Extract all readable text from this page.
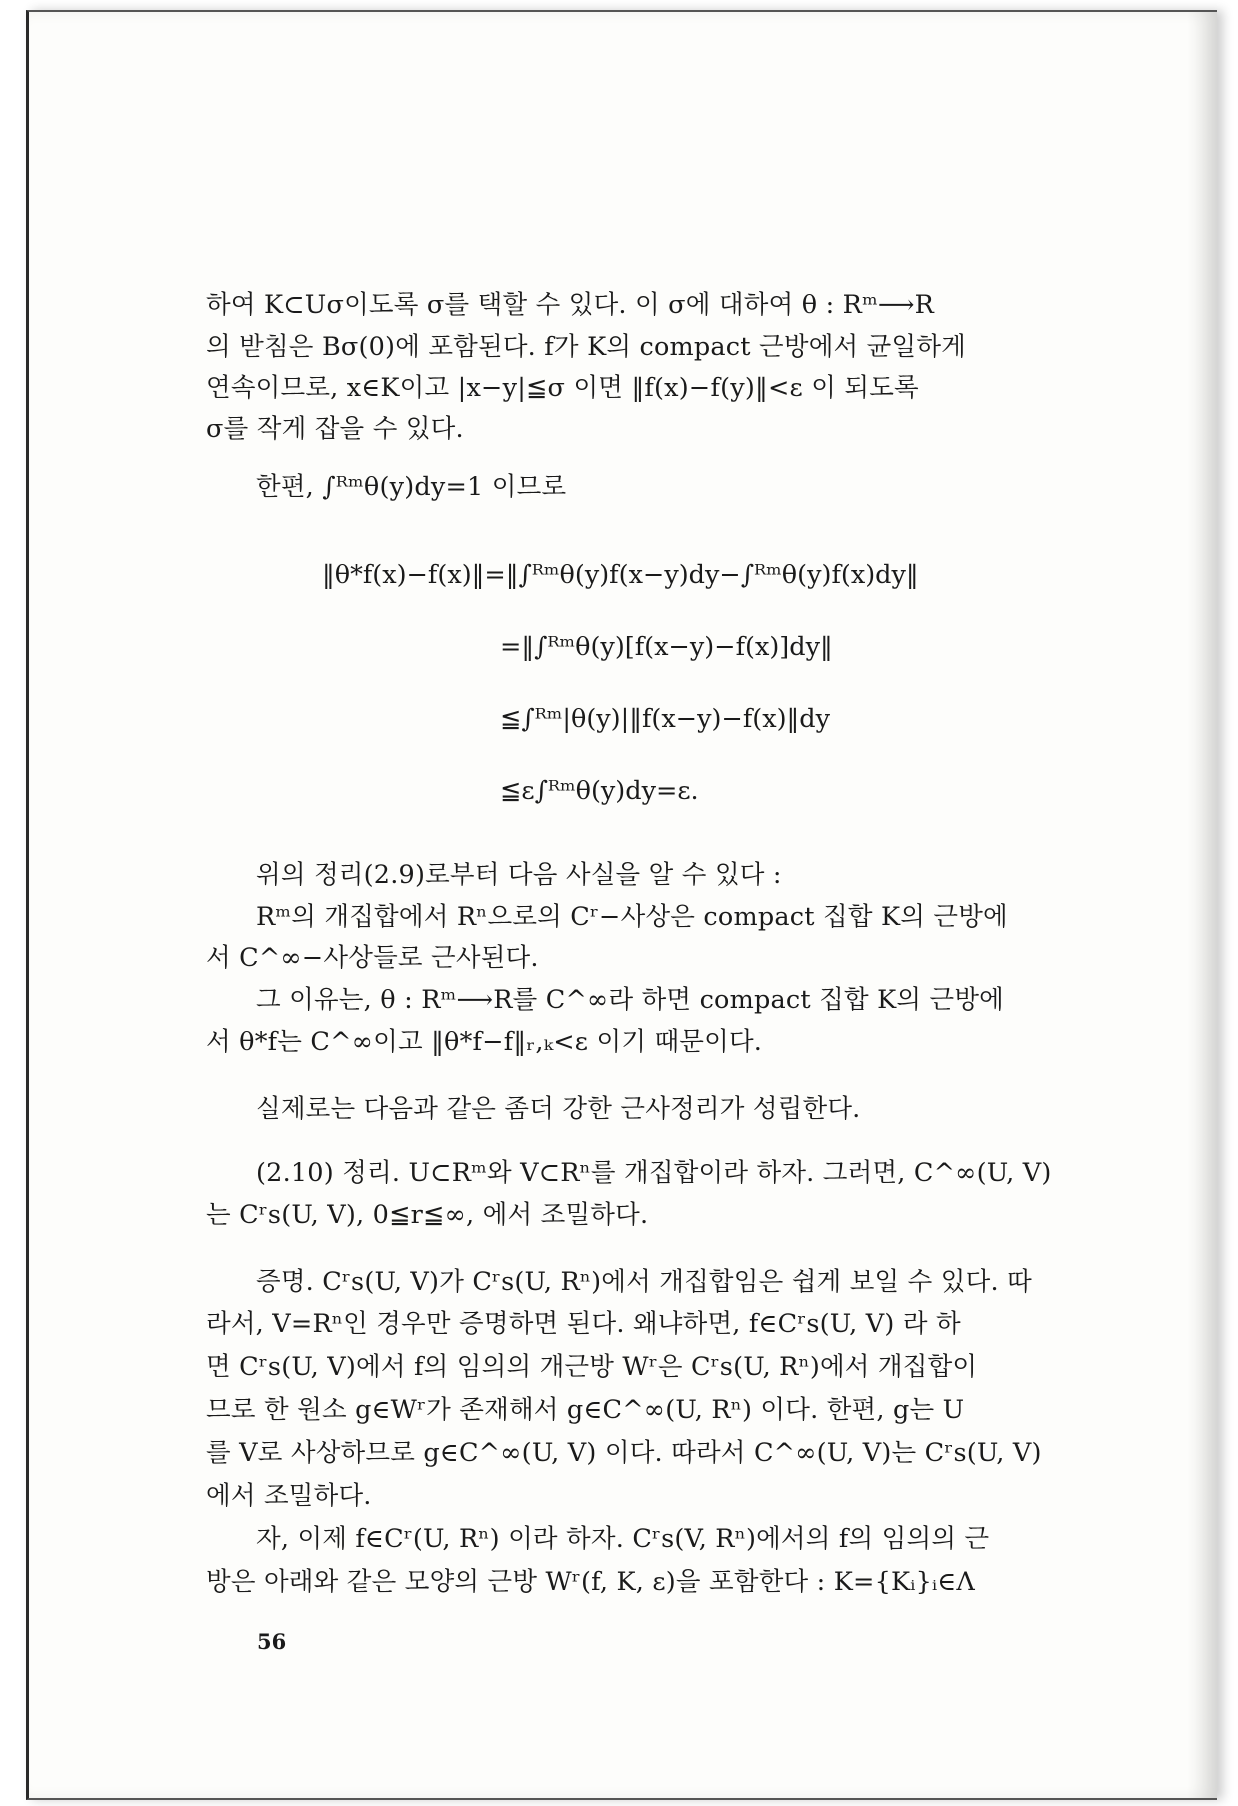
하여 K⊂Uσ이도록 σ를 택할 수 있다. 이 σ에 대하여 θ : Rᵐ⟶R
의 받침은 Bσ(0)에 포함된다. f가 K의 compact 근방에서 균일하게
연속이므로, x∈K이고 |x−y|≦σ 이면 ‖f(x)−f(y)‖<ε 이 되도록
σ를 작게 잡을 수 있다.
한편, ∫ᴿᵐθ(y)dy=1 이므로
‖θ*f(x)−f(x)‖=‖∫ᴿᵐθ(y)f(x−y)dy−∫ᴿᵐθ(y)f(x)dy‖
=‖∫ᴿᵐθ(y)[f(x−y)−f(x)]dy‖
≦∫ᴿᵐ|θ(y)|‖f(x−y)−f(x)‖dy
≦ε∫ᴿᵐθ(y)dy=ε.
위의 정리(2.9)로부터 다음 사실을 알 수 있다 :
Rᵐ의 개집합에서 Rⁿ으로의 Cʳ−사상은 compact 집합 K의 근방에
서 C^∞−사상들로 근사된다.
그 이유는, θ : Rᵐ⟶R를 C^∞라 하면 compact 집합 K의 근방에
서 θ*f는 C^∞이고 ‖θ*f−f‖ᵣ,ₖ<ε 이기 때문이다.
실제로는 다음과 같은 좀더 강한 근사정리가 성립한다.
(2.10) 정리. U⊂Rᵐ와 V⊂Rⁿ를 개집합이라 하자. 그러면, C^∞(U, V)
는 Cʳs(U, V), 0≦r≦∞, 에서 조밀하다.
증명. Cʳs(U, V)가 Cʳs(U, Rⁿ)에서 개집합임은 쉽게 보일 수 있다. 따
라서, V=Rⁿ인 경우만 증명하면 된다. 왜냐하면, f∈Cʳs(U, V) 라 하
면 Cʳs(U, V)에서 f의 임의의 개근방 Wʳ은 Cʳs(U, Rⁿ)에서 개집합이
므로 한 원소 g∈Wʳ가 존재해서 g∈C^∞(U, Rⁿ) 이다. 한편, g는 U
를 V로 사상하므로 g∈C^∞(U, V) 이다. 따라서 C^∞(U, V)는 Cʳs(U, V)
에서 조밀하다.
자, 이제 f∈Cʳ(U, Rⁿ) 이라 하자. Cʳs(V, Rⁿ)에서의 f의 임의의 근
방은 아래와 같은 모양의 근방 Wʳ(f, K, ε)을 포함한다 : K={Kᵢ}ᵢ∈Λ
56
